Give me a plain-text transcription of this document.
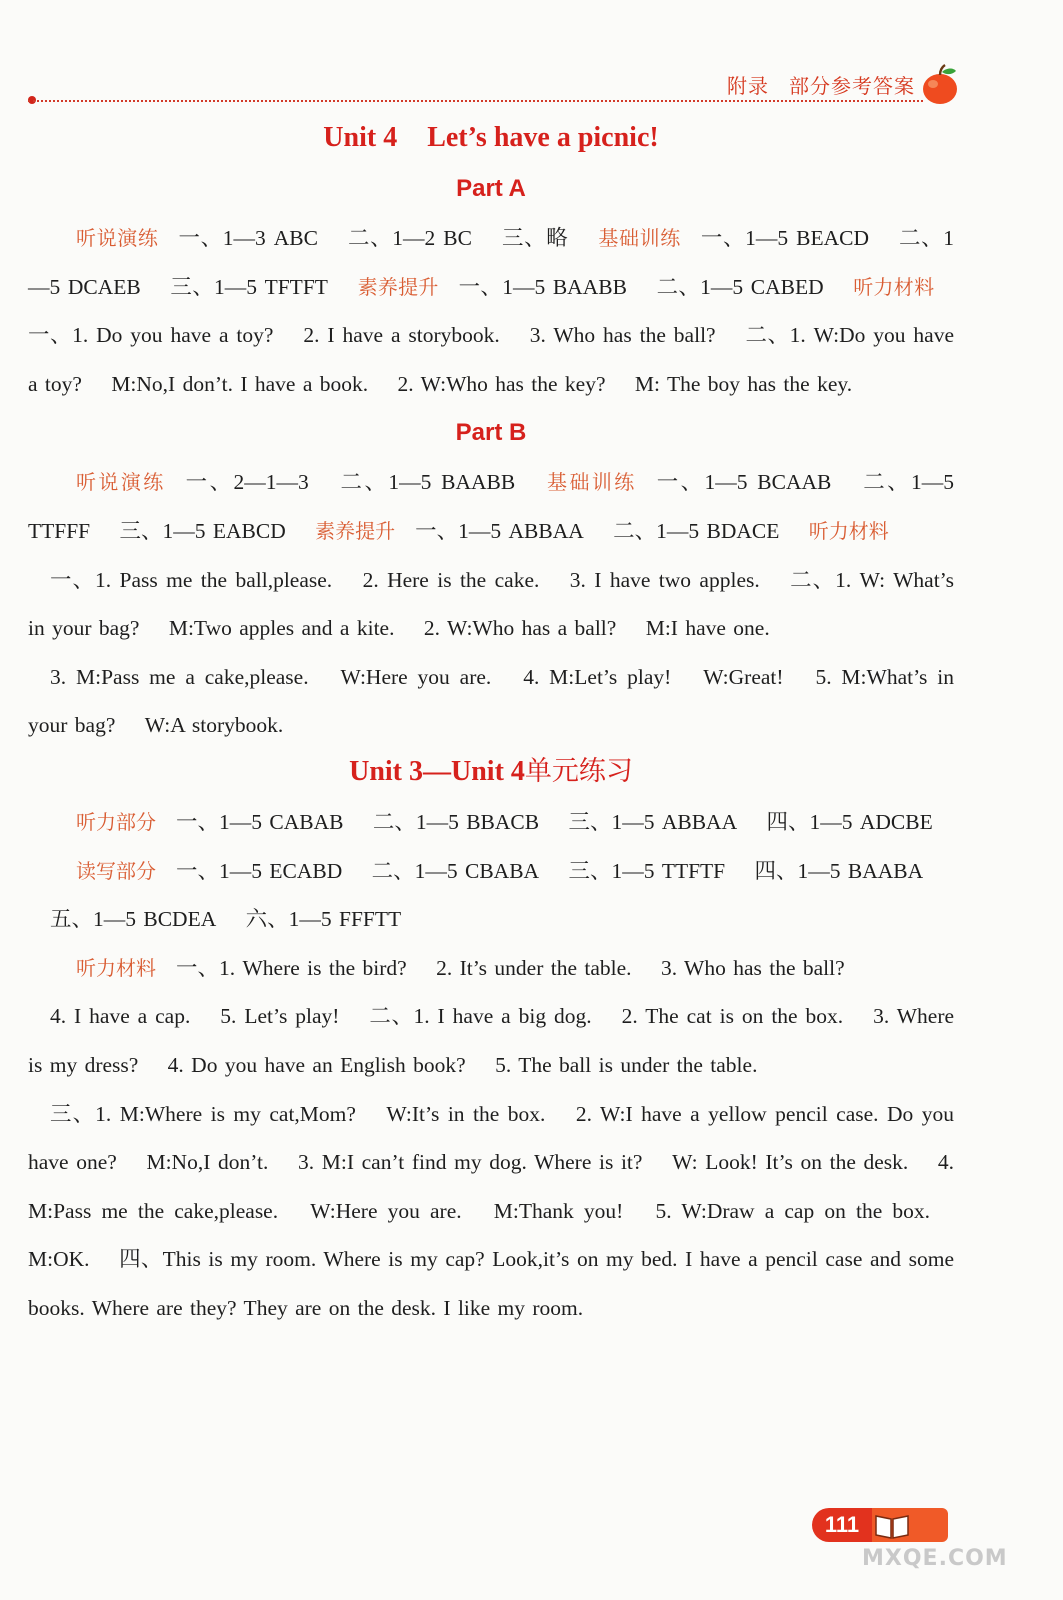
附录 部分参考答案
Unit 4 Let’s have a picnic!
Part A

听说演练 一、1—3 ABC 二、1—2 BC 三、略 基础训练 一、1—5 BEACD 二、1—5 DCAEB 三、1—5 TFTFT 素养提升 一、1—5 BAABB 二、1—5 CABED 听力材料一、1. Do you have a toy? 2. I have a storybook. 3. Who has the ball? 二、1. W:Do you have a toy? M:No,I don’t. I have a book. 2. W:Who has the key? M: The boy has the key.

Part B

听说演练 一、2—1—3 二、1—5 BAABB 基础训练 一、1—5 BCAAB 二、1—5 TTFFF 三、1—5 EABCD 素养提升 一、1—5 ABBAA 二、1—5 BDACE 听力材料

一、1. Pass me the ball,please. 2. Here is the cake. 3. I have two apples. 二、1. W: What’s in your bag? M:Two apples and a kite. 2. W:Who has a ball? M:I have one.

3. M:Pass me a cake,please. W:Here you are. 4. M:Let’s play! W:Great! 5. M:What’s in your bag? W:A storybook.

Unit 3—Unit 4单元练习

听力部分 一、1—5 CABAB 二、1—5 BBACB 三、1—5 ABBAA 四、1—5 ADCBE

读写部分 一、1—5 ECABD 二、1—5 CBABA 三、1—5 TTFTF 四、1—5 BAABA

五、1—5 BCDEA 六、1—5 FFFTT

听力材料 一、1. Where is the bird? 2. It’s under the table. 3. Who has the ball?

4. I have a cap. 5. Let’s play! 二、1. I have a big dog. 2. The cat is on the box. 3. Where is my dress? 4. Do you have an English book? 5. The ball is under the table.

三、1. M:Where is my cat,Mom? W:It’s in the box. 2. W:I have a yellow pencil case. Do you have one? M:No,I don’t. 3. M:I can’t find my dog. Where is it? W: Look! It’s on the desk. 4. M:Pass me the cake,please. W:Here you are. M:Thank you! 5. W:Draw a cap on the box. M:OK. 四、This is my room. Where is my cap? Look,it’s on my bed. I have a pencil case and some books. Where are they? They are on the desk. I like my room.

111
MXQE.COM
